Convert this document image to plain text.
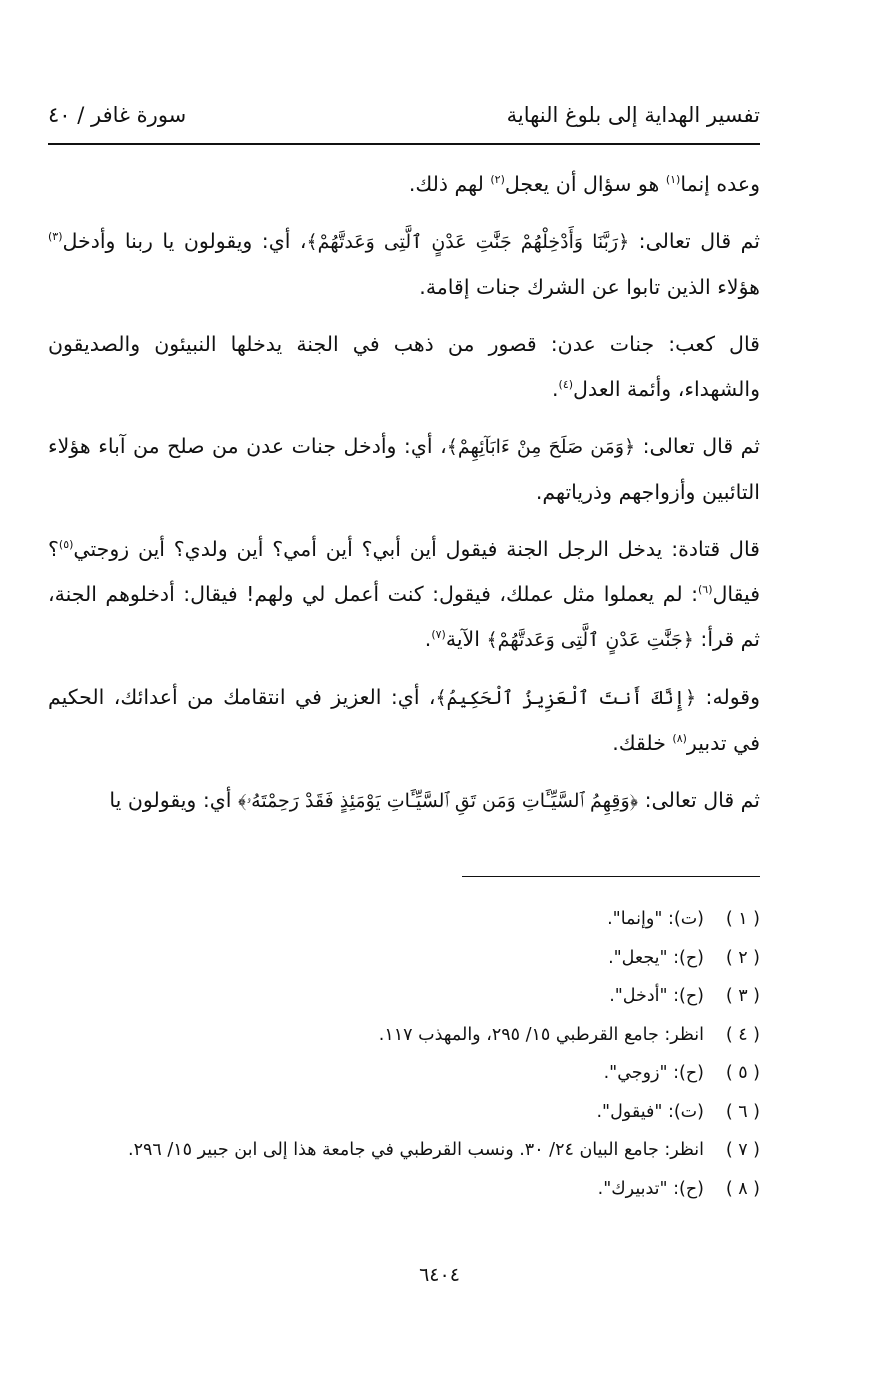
تفسير الهداية إلى بلوغ النهاية
سورة غافر / ٤٠

وعده إنما$^{(١)}$ هو سؤال أن يعجل$^{(٢)}$ لهم ذلك.

ثم قال تعالى: ﴿رَبَّنَا وَأَدْخِلْهُمْ جَنَّٰتِ عَدْنٍ ٱلَّتِى وَعَدتَّهُمْ﴾، أي: ويقولون يا ربنا وأدخل$^{(٣)}$ هؤلاء الذين تابوا عن الشرك جنات إقامة.

قال كعب: جنات عدن: قصور من ذهب في الجنة يدخلها النبيئون والصديقون والشهداء، وأئمة العدل$^{(٤)}$.

ثم قال تعالى: ﴿وَمَن صَلَحَ مِنْ ءَابَآئِهِمْ﴾، أي: وأدخل جنات عدن من صلح من آباء هؤلاء التائبين وأزواجهم وذرياتهم.

قال قتادة: يدخل الرجل الجنة فيقول أين أبي؟ أين أمي؟ أين ولدي؟ أين زوجتي$^{(٥)}$؟ فيقال$^{(٦)}$: لم يعملوا مثل عملك، فيقول: كنت أعمل لي ولهم! فيقال: أدخلوهم الجنة، ثم قرأ: ﴿جَنَّٰتِ عَدْنٍ ٱلَّتِى وَعَدتَّهُمْ﴾ الآية$^{(٧)}$.

وقوله: ﴿إِنَّكَ أَنتَ ٱلْعَزِيزُ ٱلْحَكِيمُ﴾، أي: العزيز في انتقامك من أعدائك، الحكيم في تدبير$^{(٨)}$ خلقك.

ثم قال تعالى: ﴿وَقِهِمُ ٱلسَّيِّـَٔاتِ وَمَن تَقِ ٱلسَّيِّـَٔاتِ يَوْمَئِذٍ فَقَدْ رَحِمْتَهُۥ﴾ أي: ويقولون يا

( ١ )(ت): "وإنما".
( ٢ )(ح): "يجعل".
( ٣ )(ح): "أدخل".
( ٤ )انظر: جامع القرطبي ١٥/ ٢٩٥، والمهذب ١١٧.
( ٥ )(ح): "زوجي".
( ٦ )(ت): "فيقول".
( ٧ )انظر: جامع البيان ٢٤/ ٣٠. ونسب القرطبي في جامعة هذا إلى ابن جبير ١٥/ ٢٩٦.
( ٨ )(ح): "تدبيرك".
٦٤٠٤
